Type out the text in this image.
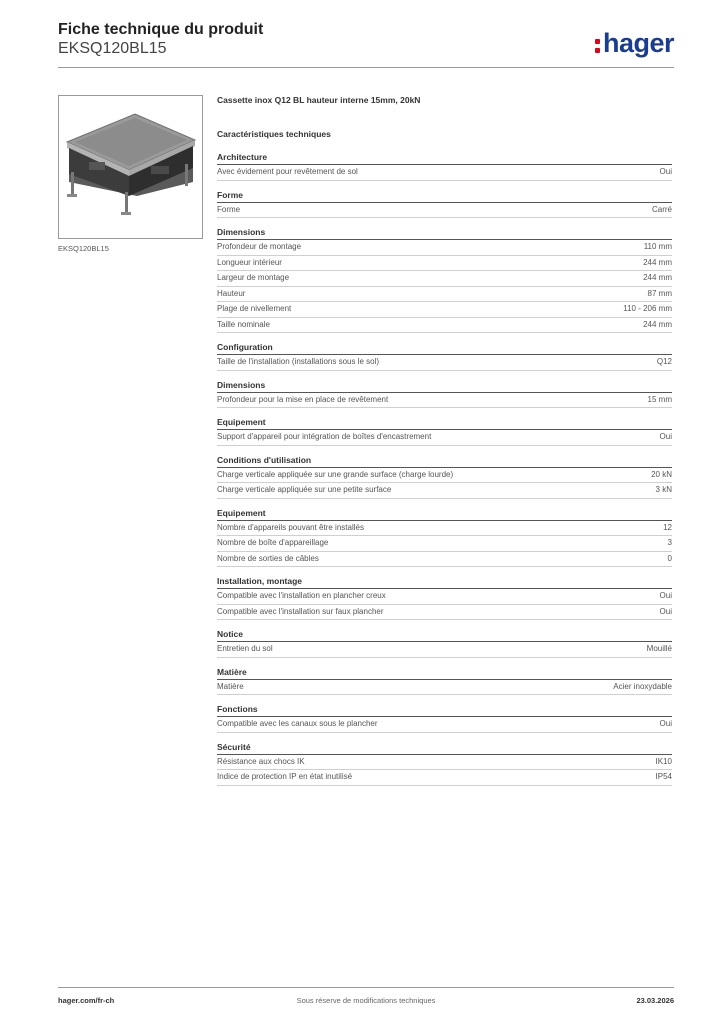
Fiche technique du produit

EKSQ120BL15	hager
EKSQ120BL15
Cassette inox Q12 BL hauteur interne 15mm, 20kN
Caractéristiques techniques
Architecture
Avec évidement pour revêtement de sol	Oui
Forme
Forme	Carré
Dimensions
Profondeur de montage	110 mm
Longueur intérieur	244 mm
Largeur de montage	244 mm
Hauteur	87 mm
Plage de nivellement	110 - 206 mm
Taille nominale	244 mm
Configuration
Taille de l'installation (installations sous le sol)	Q12
Dimensions
Profondeur pour la mise en place de revêtement	15 mm
Equipement
Support d'appareil pour intégration de boîtes d'encastrement	Oui
Conditions d'utilisation
Charge verticale appliquée sur une grande surface (charge lourde)	20 kN
Charge verticale appliquée sur une petite surface	3 kN
Equipement
Nombre d'appareils pouvant être installés	12
Nombre de boîte d'appareillage	3
Nombre de sorties de câbles	0
Installation, montage
Compatible avec l'installation en plancher creux	Oui
Compatible avec l'installation sur faux plancher	Oui
Notice
Entretien du sol	Mouillé
Matière
Matière	Acier inoxydable
Fonctions
Compatible avec les canaux sous le plancher	Oui
Sécurité
Résistance aux chocs IK	IK10
Indice de protection IP en état inutilisé	IP54
hager.com/fr-ch	Sous réserve de modifications techniques	23.03.2026
